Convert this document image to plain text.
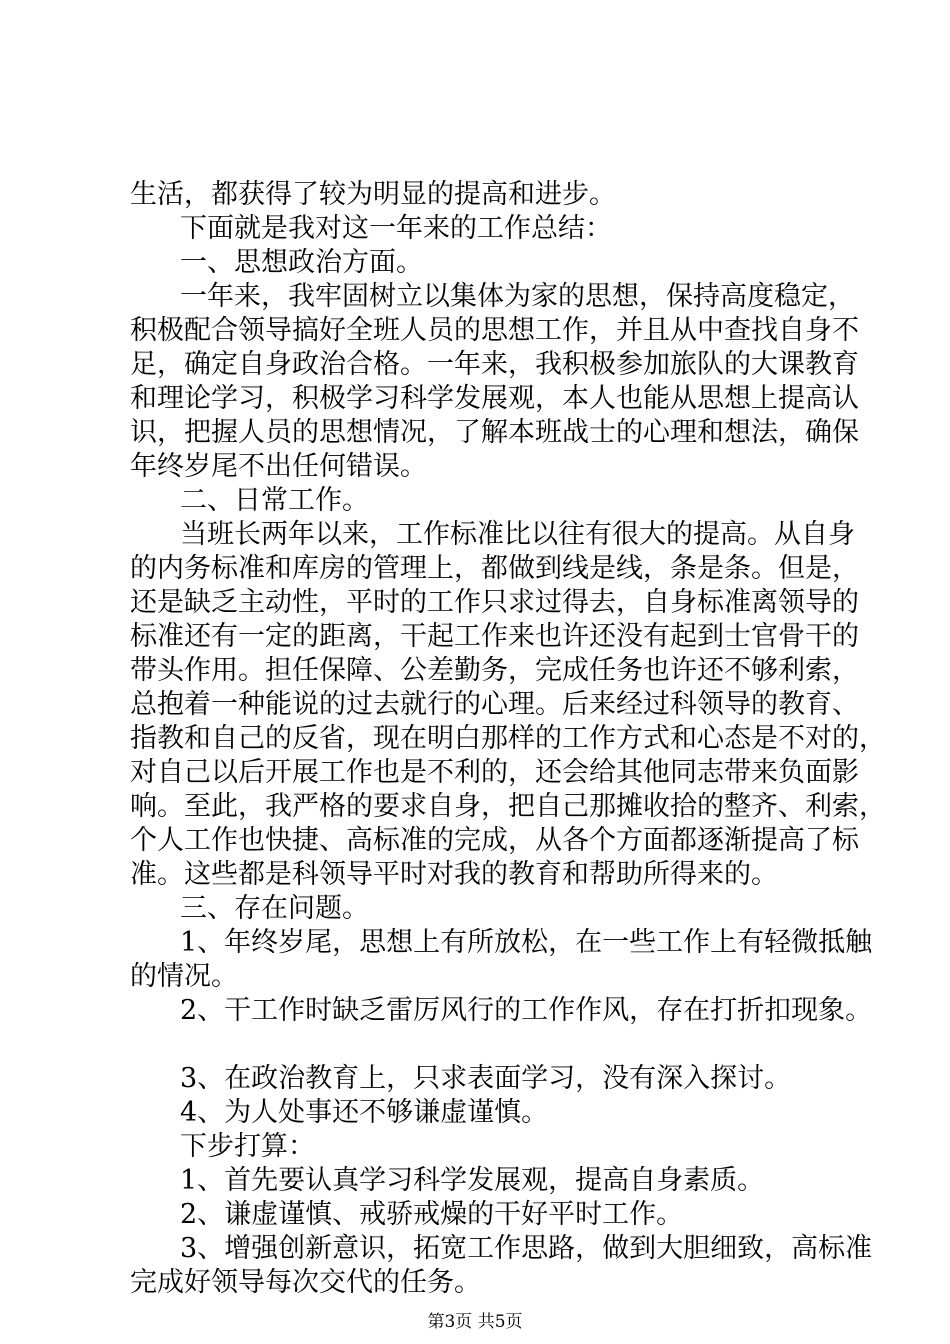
生活，都获得了较为明显的提高和进步。
下面就是我对这一年来的工作总结：
一、思想政治方面。
一年来，我牢固树立以集体为家的思想，保持高度稳定，
积极配合领导搞好全班人员的思想工作，并且从中查找自身不
足，确定自身政治合格。一年来，我积极参加旅队的大课教育
和理论学习，积极学习科学发展观，本人也能从思想上提高认
识，把握人员的思想情况，了解本班战士的心理和想法，确保
年终岁尾不出任何错误。
二、日常工作。
当班长两年以来，工作标准比以往有很大的提高。从自身
的内务标准和库房的管理上，都做到线是线，条是条。但是，
还是缺乏主动性，平时的工作只求过得去，自身标准离领导的
标准还有一定的距离，干起工作来也许还没有起到士官骨干的
带头作用。担任保障、公差勤务，完成任务也许还不够利索，
总抱着一种能说的过去就行的心理。后来经过科领导的教育、
指教和自己的反省，现在明白那样的工作方式和心态是不对的，
对自己以后开展工作也是不利的，还会给其他同志带来负面影
响。至此，我严格的要求自身，把自己那摊收拾的整齐、利索，
个人工作也快捷、高标准的完成，从各个方面都逐渐提高了标
准。这些都是科领导平时对我的教育和帮助所得来的。
三、存在问题。
1、年终岁尾，思想上有所放松，在一些工作上有轻微抵触
的情况。
2、干工作时缺乏雷厉风行的工作作风，存在打折扣现象。
3、在政治教育上，只求表面学习，没有深入探讨。
4、为人处事还不够谦虚谨慎。
下步打算：
1、首先要认真学习科学发展观，提高自身素质。
2、谦虚谨慎、戒骄戒燥的干好平时工作。
3、增强创新意识，拓宽工作思路，做到大胆细致，高标准
完成好领导每次交代的任务。
第3页 共5页
